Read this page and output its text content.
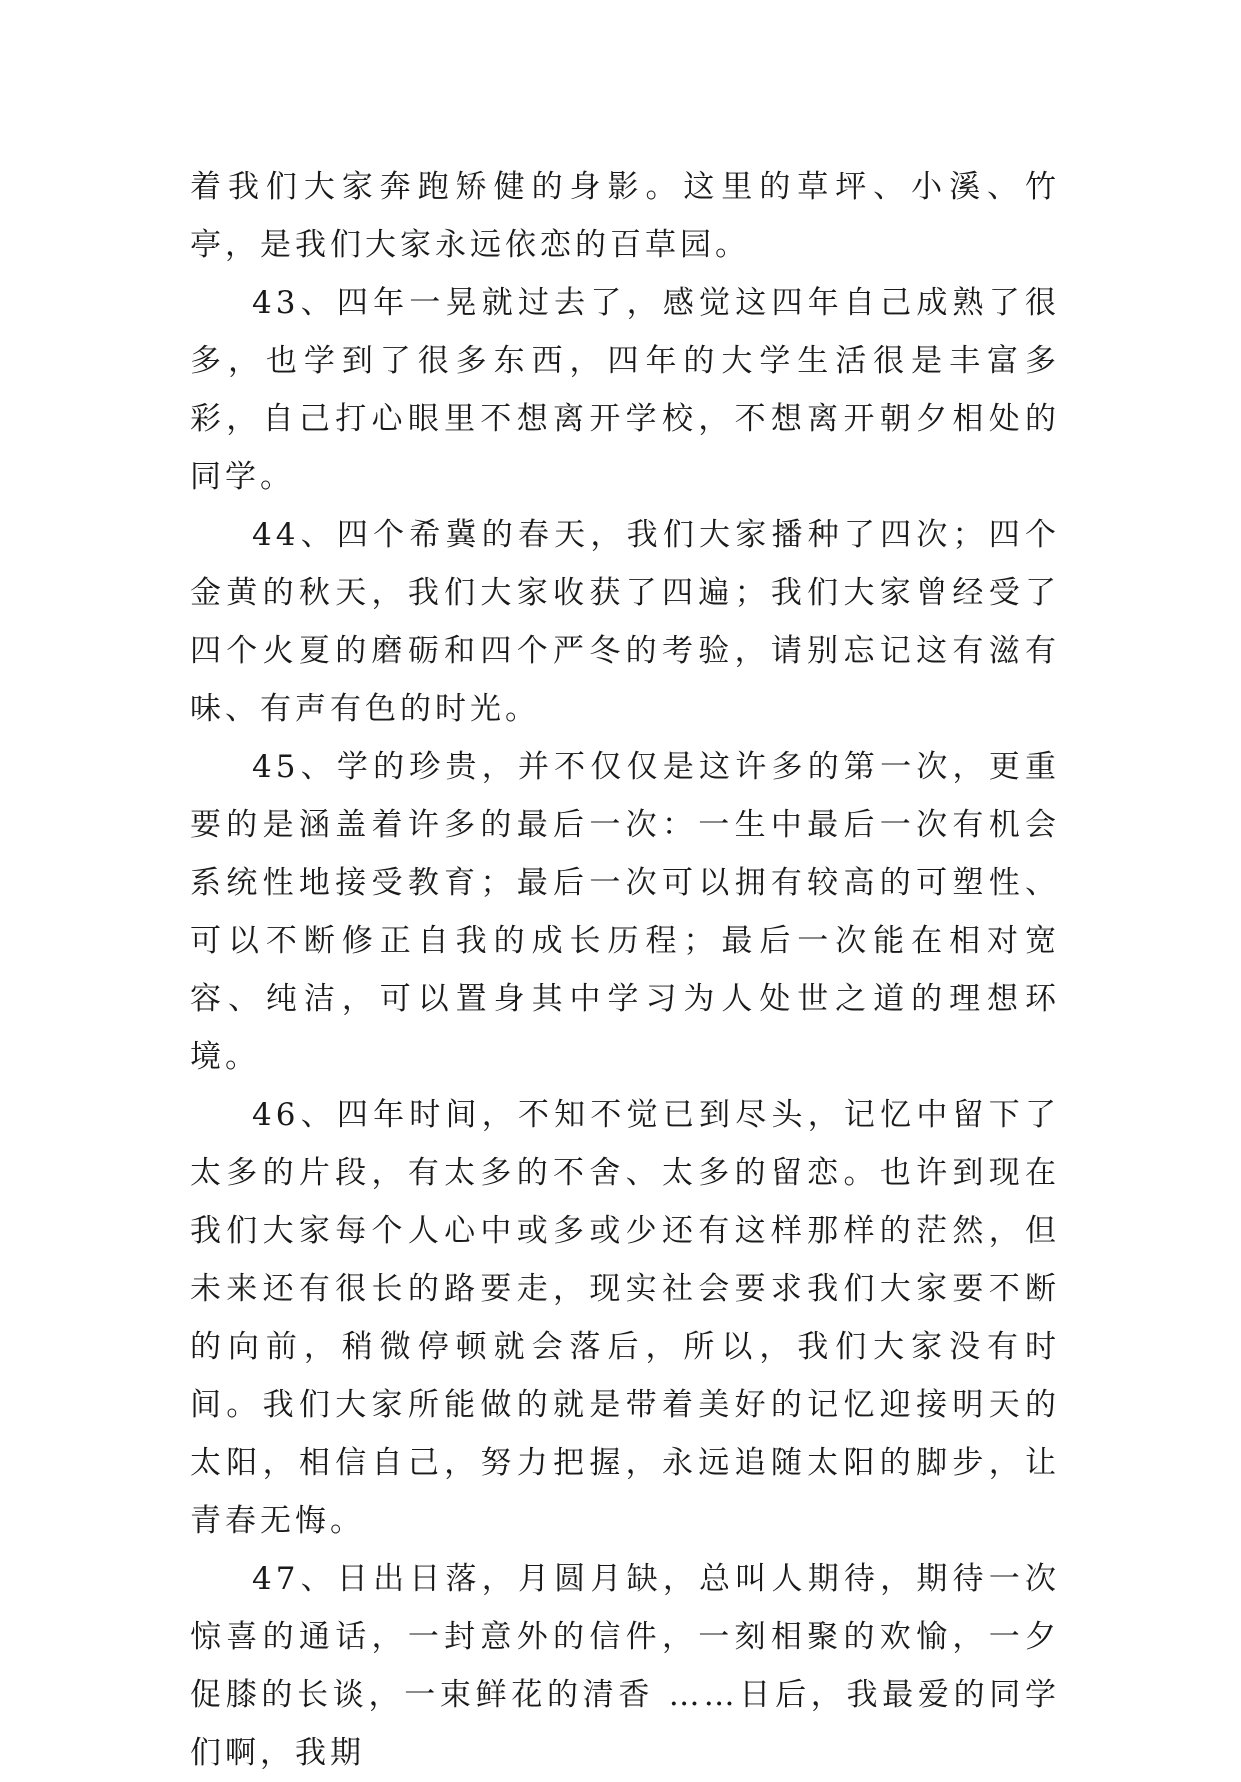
着我们大家奔跑矫健的身影。这里的草坪、小溪、竹亭，是我们大家永远依恋的百草园。

43、四年一晃就过去了，感觉这四年自己成熟了很多，也学到了很多东西，四年的大学生活很是丰富多彩，自己打心眼里不想离开学校，不想离开朝夕相处的同学。

44、四个希冀的春天，我们大家播种了四次；四个金黄的秋天，我们大家收获了四遍；我们大家曾经受了四个火夏的磨砺和四个严冬的考验，请别忘记这有滋有味、有声有色的时光。

45、学的珍贵，并不仅仅是这许多的第一次，更重要的是涵盖着许多的最后一次：一生中最后一次有机会系统性地接受教育；最后一次可以拥有较高的可塑性、可以不断修正自我的成长历程；最后一次能在相对宽容、纯洁，可以置身其中学习为人处世之道的理想环境。

46、四年时间，不知不觉已到尽头，记忆中留下了太多的片段，有太多的不舍、太多的留恋。也许到现在我们大家每个人心中或多或少还有这样那样的茫然，但未来还有很长的路要走，现实社会要求我们大家要不断的向前，稍微停顿就会落后，所以，我们大家没有时间。我们大家所能做的就是带着美好的记忆迎接明天的太阳，相信自己，努力把握，永远追随太阳的脚步，让青春无悔。

47、日出日落，月圆月缺，总叫人期待，期待一次惊喜的通话，一封意外的信件，一刻相聚的欢愉，一夕促膝的长谈，一束鲜花的清香 ……日后，我最爱的同学们啊，我期
